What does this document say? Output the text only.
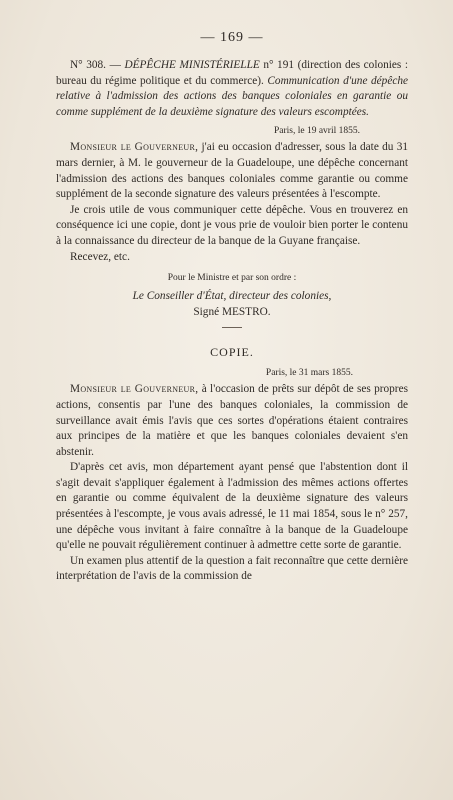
— 169 —

N° 308. — DÉPÊCHE MINISTÉRIELLE n° 191 (direction des colonies : bureau du régime politique et du commerce). Communication d'une dépêche relative à l'admission des actions des banques coloniales en garantie ou comme supplément de la deuxième signature des valeurs escomptées.

Paris, le 19 avril 1855.

Monsieur le Gouverneur, j'ai eu occasion d'adresser, sous la date du 31 mars dernier, à M. le gouverneur de la Guadeloupe, une dépêche concernant l'admission des actions des banques coloniales comme garantie ou comme supplément de la seconde signature des valeurs présentées à l'escompte.

Je crois utile de vous communiquer cette dépêche. Vous en trouverez en conséquence ici une copie, dont je vous prie de vouloir bien porter le contenu à la connaissance du directeur de la banque de la Guyane française.

Recevez, etc.

Pour le Ministre et par son ordre :
Le Conseiller d'État, directeur des colonies,
Signé MESTRO.
COPIE.
Paris, le 31 mars 1855.

Monsieur le Gouverneur, à l'occasion de prêts sur dépôt de ses propres actions, consentis par l'une des banques coloniales, la commission de surveillance avait émis l'avis que ces sortes d'opérations étaient contraires aux principes de la matière et que les banques coloniales devaient s'en abstenir.

D'après cet avis, mon département ayant pensé que l'abstention dont il s'agit devait s'appliquer également à l'admission des mêmes actions offertes en garantie ou comme équivalent de la deuxième signature des valeurs présentées à l'escompte, je vous avais adressé, le 11 mai 1854, sous le n° 257, une dépêche vous invitant à faire connaître à la banque de la Guadeloupe qu'elle ne pouvait régulièrement continuer à admettre cette sorte de garantie.

Un examen plus attentif de la question a fait reconnaître que cette dernière interprétation de l'avis de la commission de
